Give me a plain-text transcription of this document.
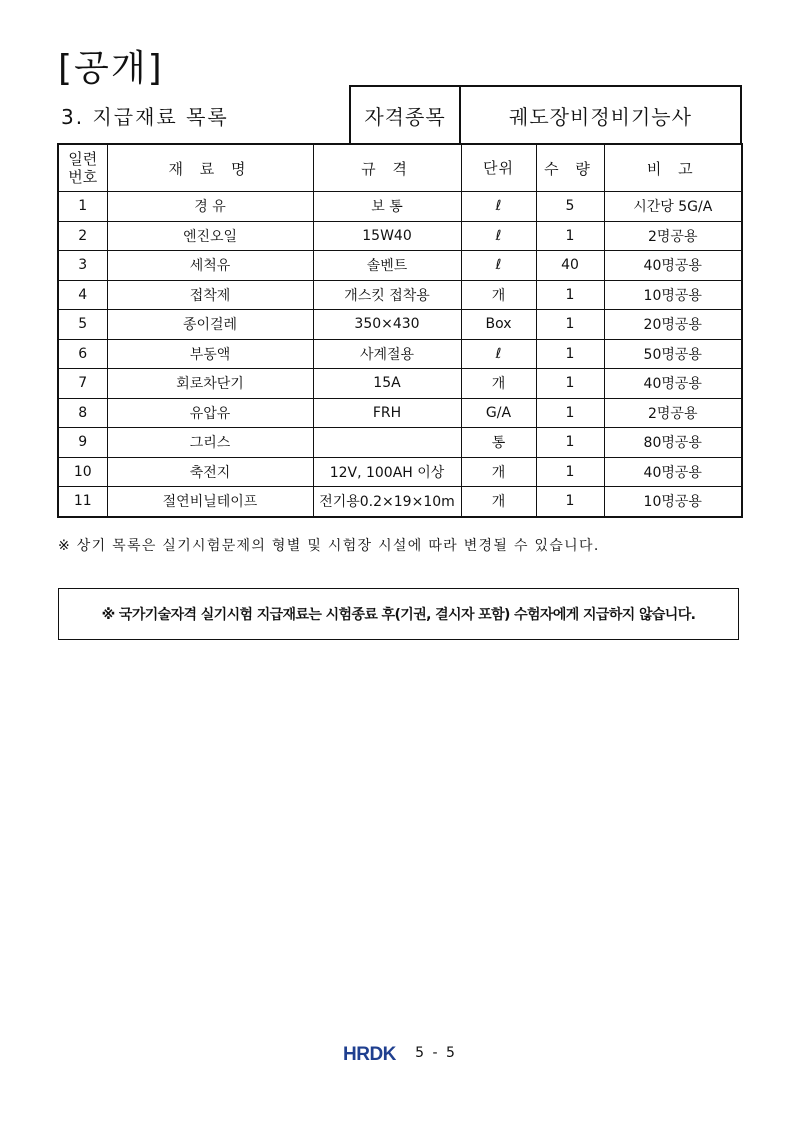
[공개]
3. 지급재료 목록	자격종목	궤도장비정비기능사
일련
번호	재 료 명	규 격	단위	수 량	비 고
1	경 유	보 통	ℓ	5	시간당 5G/A
2	엔진오일	15W40	ℓ	1	2명공용
3	세척유	솔벤트	ℓ	40	40명공용
4	접착제	개스킷 접착용	개	1	10명공용
5	종이걸레	350×430	Box	1	20명공용
6	부동액	사계절용	ℓ	1	50명공용
7	회로차단기	15A	개	1	40명공용
8	유압유	FRH	G/A	1	2명공용
9	그리스		통	1	80명공용
10	축전지	12V, 100AH 이상	개	1	40명공용
11	절연비닐테이프	전기용0.2×19×10m	개	1	10명공용
※ 상기 목록은 실기시험문제의 형별 및 시험장 시설에 따라 변경될 수 있습니다.
※ 국가기술자격 실기시험 지급재료는 시험종료 후(기권, 결시자 포함) 수험자에게 지급하지 않습니다.
HRDK 5 - 5
